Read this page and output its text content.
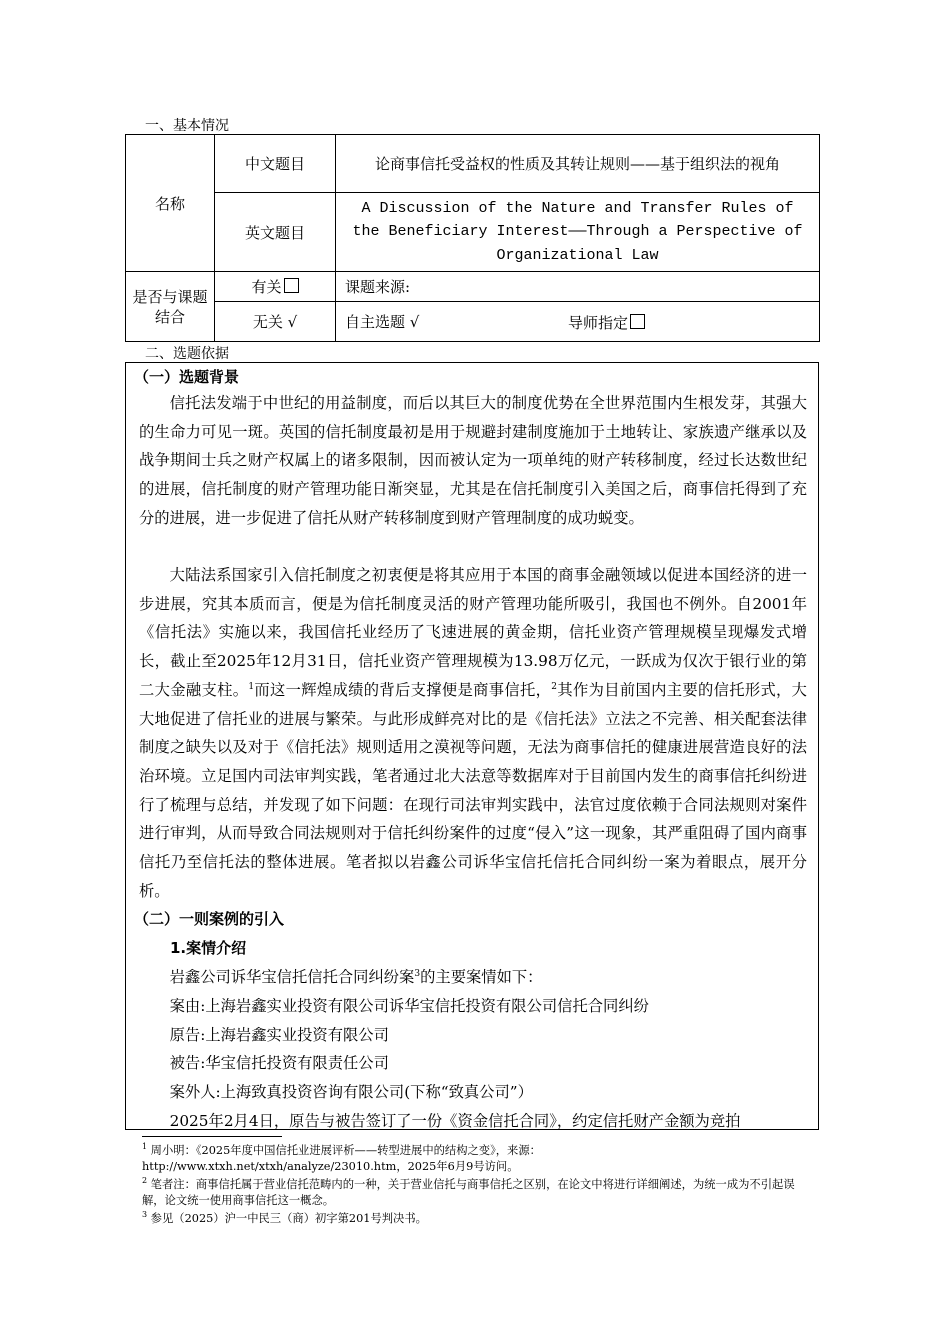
一、基本情况
名称	中文题目	论商事信托受益权的性质及其转让规则——基于组织法的视角
	英文题目	A Discussion of the Nature and Transfer Rules of the Beneficiary Interest——Through a Perspective of Organizational Law
是否与课题结合	有关	课题来源:
	无关 √	自主选题 √ 导师指定
二、选题依据
（一）选题背景

信托法发端于中世纪的用益制度，而后以其巨大的制度优势在全世界范围内生根发芽，其强大的生命力可见一斑。英国的信托制度最初是用于规避封建制度施加于土地转让、家族遗产继承以及战争期间士兵之财产权属上的诸多限制，因而被认定为一项单纯的财产转移制度，经过长达数世纪的进展，信托制度的财产管理功能日渐突显，尤其是在信托制度引入美国之后，商事信托得到了充分的进展，进一步促进了信托从财产转移制度到财产管理制度的成功蜕变。

大陆法系国家引入信托制度之初衷便是将其应用于本国的商事金融领域以促进本国经济的进一步进展，究其本质而言，便是为信托制度灵活的财产管理功能所吸引，我国也不例外。自2001年《信托法》实施以来，我国信托业经历了飞速进展的黄金期，信托业资产管理规模呈现爆发式增长，截止至2025年12月31日，信托业资产管理规模为13.98万亿元，一跃成为仅次于银行业的第二大金融支柱。$^1$而这一辉煌成绩的背后支撑便是商事信托，$^2$其作为目前国内主要的信托形式，大大地促进了信托业的进展与繁荣。与此形成鲜亮对比的是《信托法》立法之不完善、相关配套法律制度之缺失以及对于《信托法》规则适用之漠视等问题，无法为商事信托的健康进展营造良好的法治环境。立足国内司法审判实践，笔者通过北大法意等数据库对于目前国内发生的商事信托纠纷进行了梳理与总结，并发现了如下问题：在现行司法审判实践中，法官过度依赖于合同法规则对案件进行审判，从而导致合同法规则对于信托纠纷案件的过度“侵入”这一现象，其严重阻碍了国内商事信托乃至信托法的整体进展。笔者拟以岩鑫公司诉华宝信托信托合同纠纷一案为着眼点，展开分析。

（二）一则案例的引入
1.案情介绍

岩鑫公司诉华宝信托信托合同纠纷案$^3$的主要案情如下：

案由:上海岩鑫实业投资有限公司诉华宝信托投资有限公司信托合同纠纷

原告:上海岩鑫实业投资有限公司

被告:华宝信托投资有限责任公司

案外人:上海致真投资咨询有限公司(下称“致真公司”）

2025年2月4日，原告与被告签订了一份《资金信托合同》，约定信托财产金额为竞拍

$^1$ 周小明：《2025年度中国信托业进展评析——转型进展中的结构之变》，来源：
http://www.xtxh.net/xtxh/analyze/23010.htm，2025年6月9号访问。

$^2$ 笔者注：商事信托属于营业信托范畴内的一种，关于营业信托与商事信托之区别，在论文中将进行详细阐述，为统一成为不引起误解，论文统一使用商事信托这一概念。

$^3$ 参见（2025）沪一中民三（商）初字第201号判决书。
